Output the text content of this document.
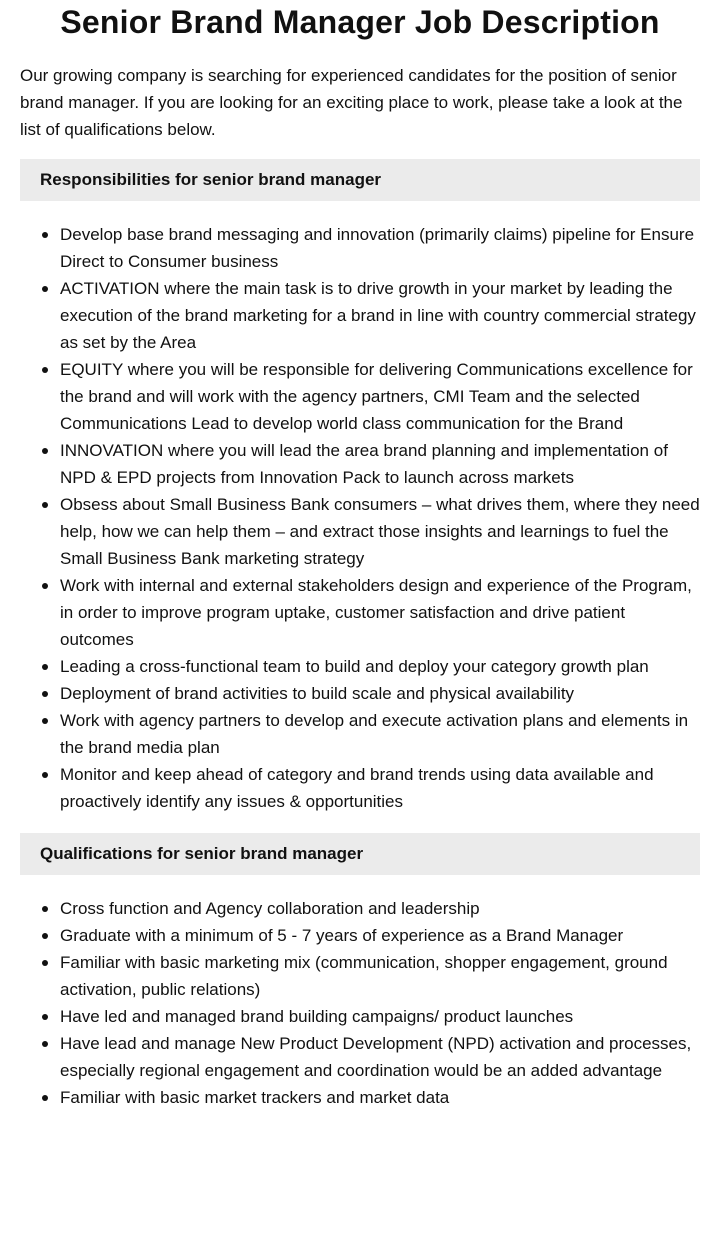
Senior Brand Manager Job Description

Our growing company is searching for experienced candidates for the position of senior brand manager. If you are looking for an exciting place to work, please take a look at the list of qualifications below.

Responsibilities for senior brand manager
Develop base brand messaging and innovation (primarily claims) pipeline for Ensure Direct to Consumer business
ACTIVATION where the main task is to drive growth in your market by leading the execution of the brand marketing for a brand in line with country commercial strategy as set by the Area
EQUITY where you will be responsible for delivering Communications excellence for the brand and will work with the agency partners, CMI Team and the selected Communications Lead to develop world class communication for the Brand
INNOVATION where you will lead the area brand planning and implementation of NPD & EPD projects from Innovation Pack to launch across markets
Obsess about Small Business Bank consumers – what drives them, where they need help, how we can help them – and extract those insights and learnings to fuel the Small Business Bank marketing strategy
Work with internal and external stakeholders design and experience of the Program, in order to improve program uptake, customer satisfaction and drive patient outcomes
Leading a cross-functional team to build and deploy your category growth plan
Deployment of brand activities to build scale and physical availability
Work with agency partners to develop and execute activation plans and elements in the brand media plan
Monitor and keep ahead of category and brand trends using data available and proactively identify any issues & opportunities
Qualifications for senior brand manager
Cross function and Agency collaboration and leadership
Graduate with a minimum of 5 - 7 years of experience as a Brand Manager
Familiar with basic marketing mix (communication, shopper engagement, ground activation, public relations)
Have led and managed brand building campaigns/ product launches
Have lead and manage New Product Development (NPD) activation and processes, especially regional engagement and coordination would be an added advantage
Familiar with basic market trackers and market data
